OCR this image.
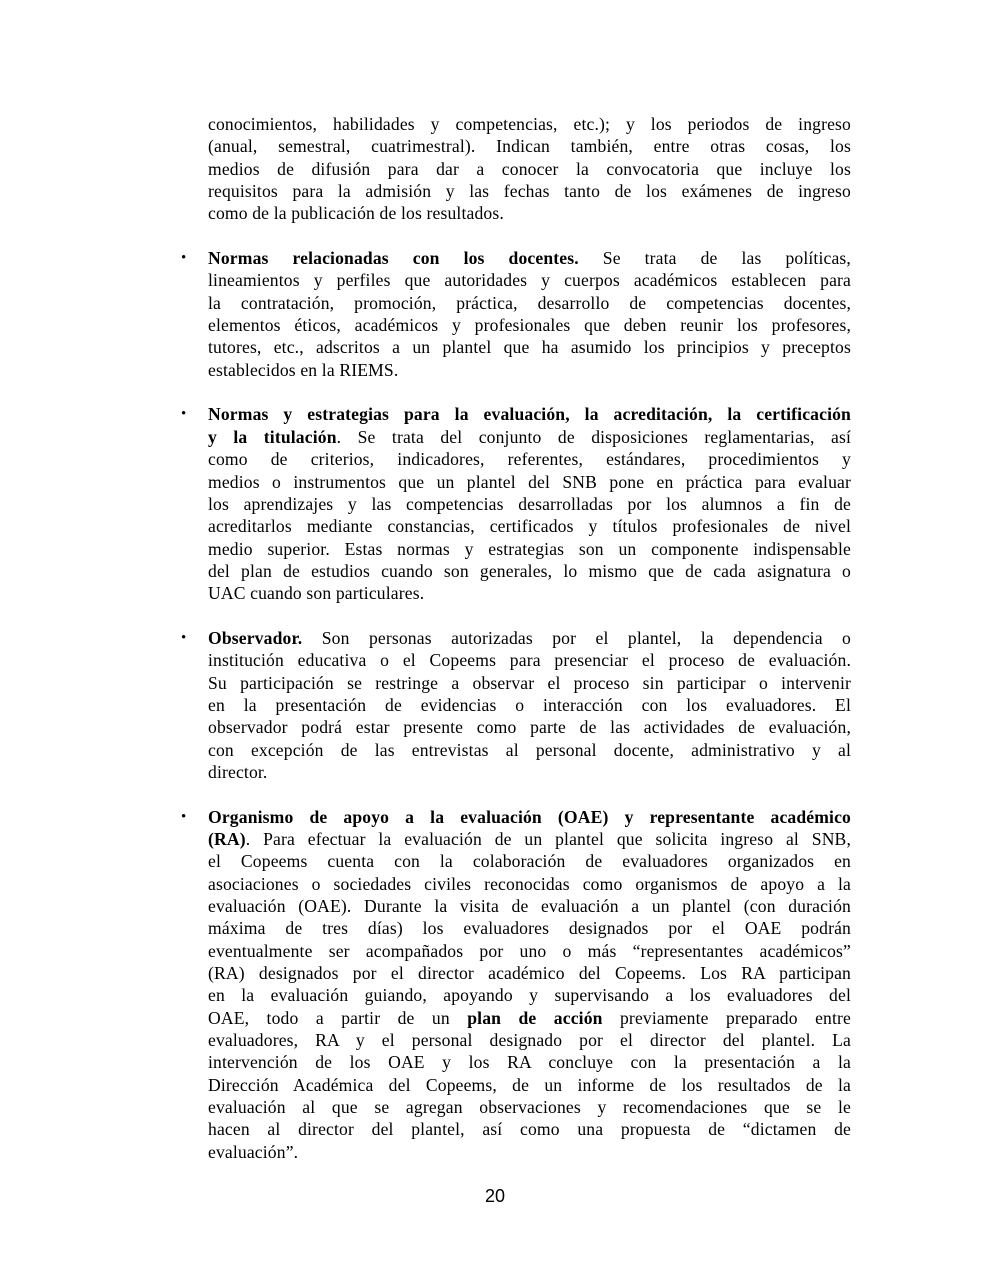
conocimientos, habilidades y competencias, etc.); y los periodos de ingreso
(anual, semestral, cuatrimestral). Indican también, entre otras cosas, los
medios de difusión para dar a conocer la convocatoria que incluye los
requisitos para la admisión y las fechas tanto de los exámenes de ingreso
como de la publicación de los resultados.
• Normas relacionadas con los docentes. Se trata de las políticas,
lineamientos y perfiles que autoridades y cuerpos académicos establecen para
la contratación, promoción, práctica, desarrollo de competencias docentes,
elementos éticos, académicos y profesionales que deben reunir los profesores,
tutores, etc., adscritos a un plantel que ha asumido los principios y preceptos
establecidos en la RIEMS.
• Normas y estrategias para la evaluación, la acreditación, la certificación
y la titulación. Se trata del conjunto de disposiciones reglamentarias, así
como de criterios, indicadores, referentes, estándares, procedimientos y
medios o instrumentos que un plantel del SNB pone en práctica para evaluar
los aprendizajes y las competencias desarrolladas por los alumnos a fin de
acreditarlos mediante constancias, certificados y títulos profesionales de nivel
medio superior. Estas normas y estrategias son un componente indispensable
del plan de estudios cuando son generales, lo mismo que de cada asignatura o
UAC cuando son particulares.
• Observador. Son personas autorizadas por el plantel, la dependencia o
institución educativa o el Copeems para presenciar el proceso de evaluación.
Su participación se restringe a observar el proceso sin participar o intervenir
en la presentación de evidencias o interacción con los evaluadores. El
observador podrá estar presente como parte de las actividades de evaluación,
con excepción de las entrevistas al personal docente, administrativo y al
director.
• Organismo de apoyo a la evaluación (OAE) y representante académico
(RA). Para efectuar la evaluación de un plantel que solicita ingreso al SNB,
el Copeems cuenta con la colaboración de evaluadores organizados en
asociaciones o sociedades civiles reconocidas como organismos de apoyo a la
evaluación (OAE). Durante la visita de evaluación a un plantel (con duración
máxima de tres días) los evaluadores designados por el OAE podrán
eventualmente ser acompañados por uno o más “representantes académicos”
(RA) designados por el director académico del Copeems. Los RA participan
en la evaluación guiando, apoyando y supervisando a los evaluadores del
OAE, todo a partir de un plan de acción previamente preparado entre
evaluadores, RA y el personal designado por el director del plantel. La
intervención de los OAE y los RA concluye con la presentación a la
Dirección Académica del Copeems, de un informe de los resultados de la
evaluación al que se agregan observaciones y recomendaciones que se le
hacen al director del plantel, así como una propuesta de “dictamen de
evaluación”.
20
